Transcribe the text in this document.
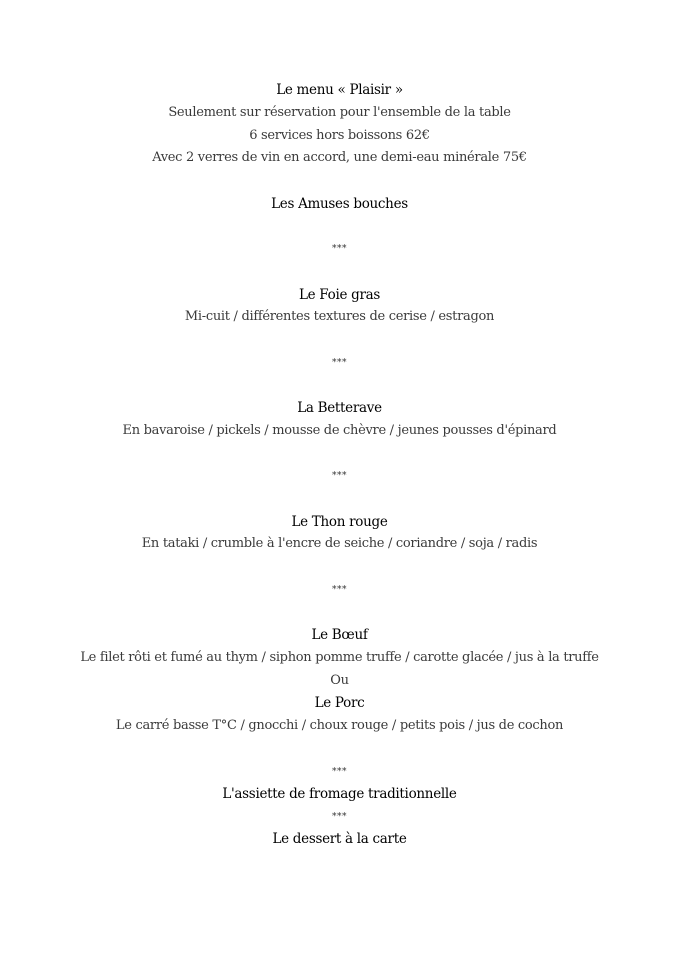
Le menu « Plaisir »
Seulement sur réservation pour l'ensemble de la table
6 services hors boissons 62€
Avec 2 verres de vin en accord, une demi-eau minérale 75€
Les Amuses bouches
***
Le Foie gras
Mi-cuit / différentes textures de cerise / estragon
***
La Betterave
En bavaroise / pickels / mousse de chèvre / jeunes pousses d'épinard
***
Le Thon rouge
En tataki / crumble à l'encre de seiche / coriandre / soja / radis
***
Le Bœuf
Le filet rôti et fumé au thym / siphon pomme truffe / carotte glacée / jus à la truffe
Ou
Le Porc
Le carré basse T°C / gnocchi / choux rouge / petits pois / jus de cochon
***
L'assiette de fromage traditionnelle
***
Le dessert à la carte
